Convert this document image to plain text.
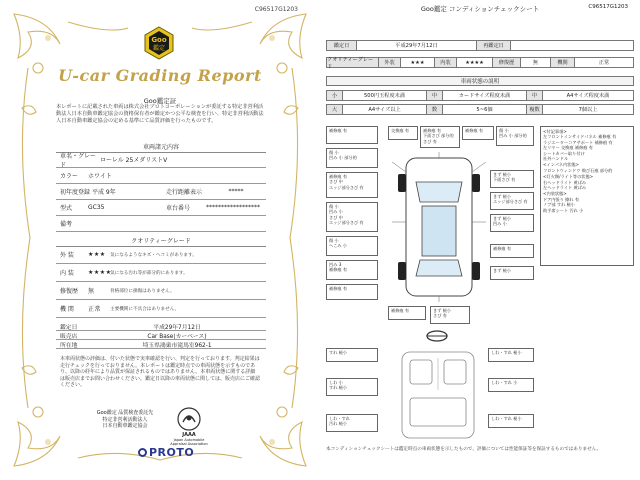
C96517G1203
Goo
鑑定
U-car Grading Report
Goo鑑定証
本レポートに記載された車両は株式会社プロトコーポレーションが委託する特定非営利活動法人日本自動車鑑定協会の資格保有者が鑑定かつ公平な検査を行い、特定非営利活動法人日本自動車鑑定協会の定める基準にて品質評価を行ったものです。
車両諸元内容
車名・グレード
ローレル 25メダリストV
カラー	ホワイト
初年度登録 平成 9年	走行距離表示	*****
型式	GC35	車台番号	******************
備考
クオリティーグレード
外 装	★★★ 気になるようなキズ・ヘコミがあります。
内 装	★★★★
気になる汚れ等が部分的にあります。
修復歴	無	骨格部位に損傷はありません。
機 関	正常	主要機関に不具合はありません。
鑑定日	平成29年7月12日
販売店	Car Base(カーベース)
所在地	埼玉県鴻巣市滝馬室962-1
本車両状態の評価は、付いた状態で実車確認を行い、判定を行っております。判定結果は走行チェックを行っておりません。本レポートは鑑定時点での車両状態を示すものであり、以降の経年により品質が保証されるものではありません。本車両状態に関する詳細は販売店までお問い合わせください。鑑定日以降の車両状態に関しては、販売店にご確認ください。
Goo鑑定 品質検査委託先
特定非営利活動法人
日本自動車鑑定協会
JAAA
Japan Automobile Appraisal Association
PROTO
Goo鑑定 コンディションチェックシート	C96517G1203
鑑定日	平成29年7月12日	再鑑定日
クオリティーグレード
外装	★★★	内装	★★★★	修復歴	無	機関	正常
車両状態の説明
小	500円玉程度未満	中	カードサイズ程度未満	中	A4サイズ程度未満
大	A4サイズ以上	数	5~6個	複数	7個以上
補修痕 有
傷 小
凹み 小 部分的
補修痕 有
さび 中
エッジ部分さび 有
傷 小
凹み 小
さび 中
エッジ部分さび 有
傷 小
へこみ 小
凹み 3
補修痕 有
補修痕 有
交換痕 有	補修痕 有
下面さび 部分的
さび 有
補修痕 有	傷 小
凹み 小 部分的
きず 極小
下面さび 有
きず 極小
エッジ部分さび 有
きず 極小
凹み 小
補修痕 有
きず 極小
補修痕 有	きず 極小
さび 有
すれ 極小
しわ 小
すれ 極小
しわ・すれ
汚れ 極小
しわ・すれ 極小
しわ・すれ 小
しわ・すれ 極小
<付記事項>
左フロントインサイドパネル 補修痕 有
ラジエーターコアサポート 補修痕 有
左リヤー 交換痕 補修痕 有
シートカバー取り付け
社外ハンドル
<インパネ内状態>
フロントウィンドウ 飛び石痕 部分的
<灯火類/ライト等の状態>
右ヘッドライト 黄ばみ
左ヘッドライト 黄ばみ
<内装状態>
ドア内張り 擦れ 有
ノブ部 すれ 極小
助手席シート 汚れ 小
本コンディションチェックシートは鑑定時点の車両状態を示したもので、評価については性能保証等を保証するものではありません。
